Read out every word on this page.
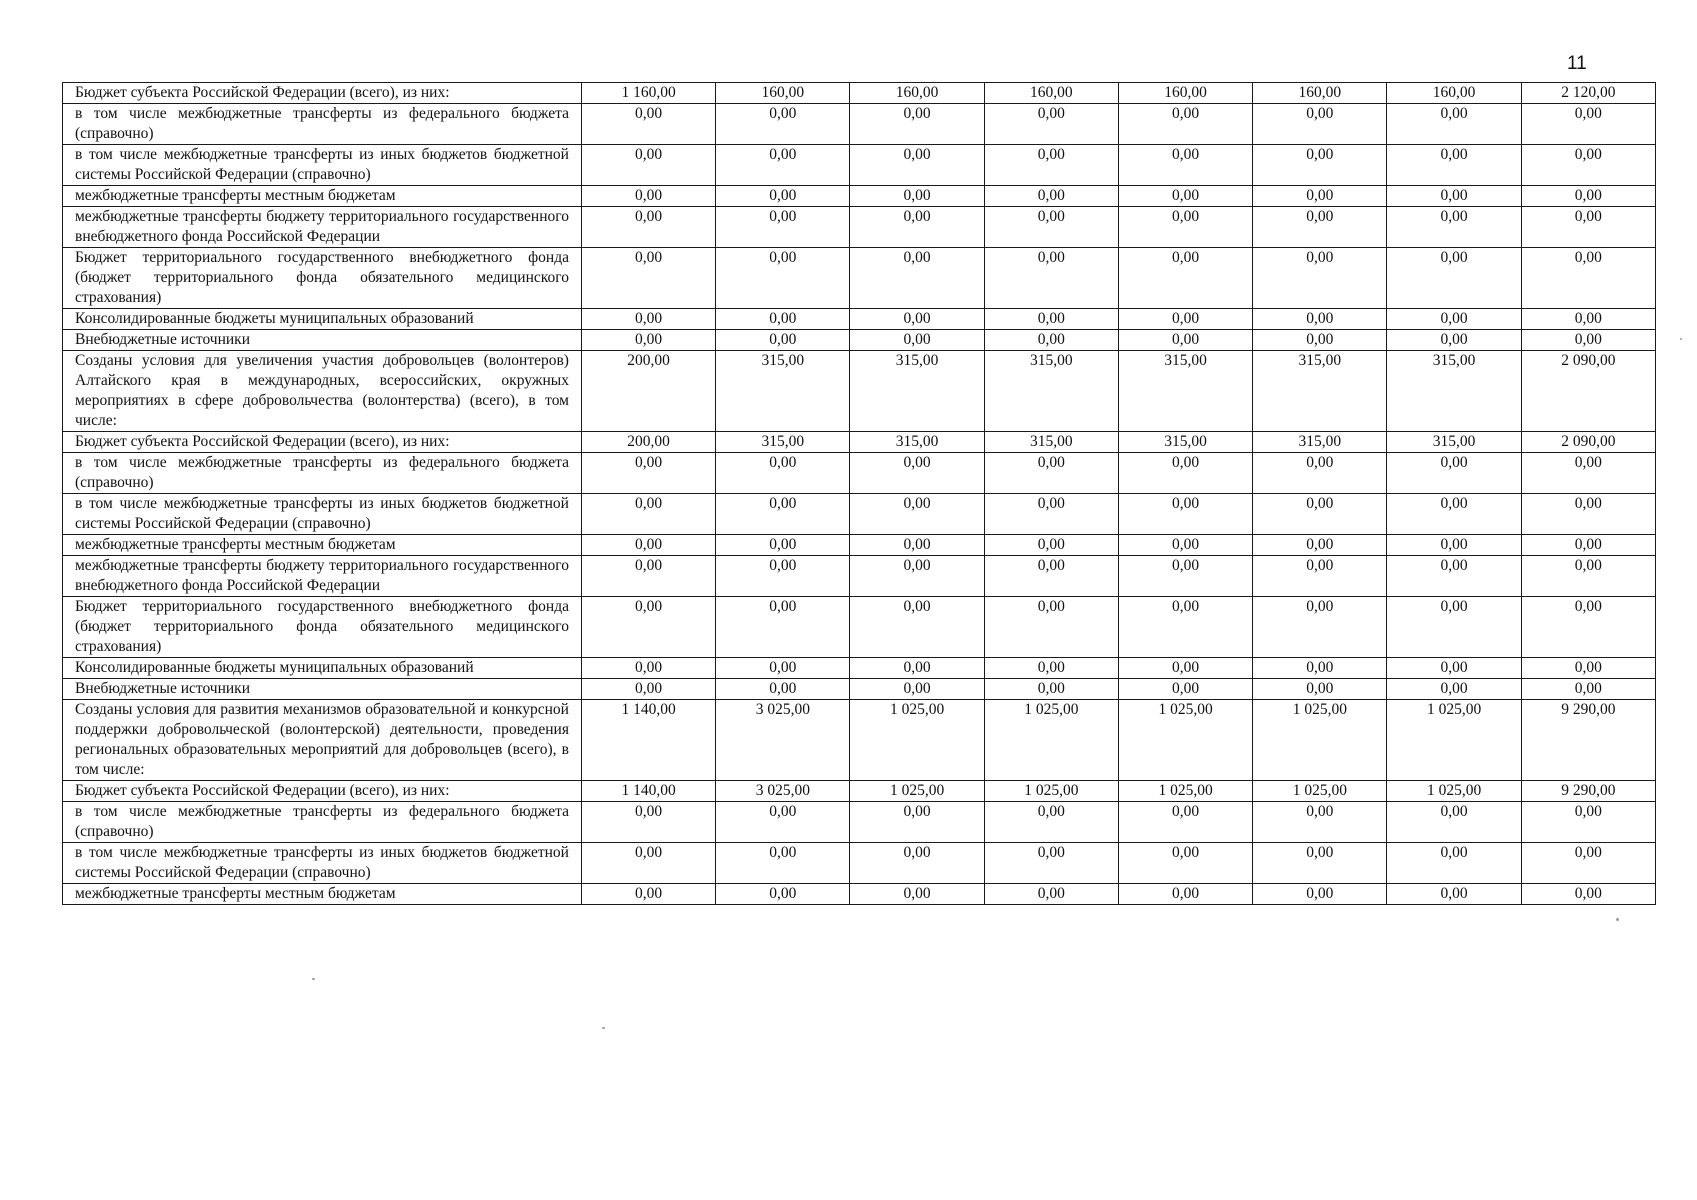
11
Бюджет субъекта Российской Федерации (всего), из них:	1 160,00	160,00	160,00	160,00	160,00	160,00	160,00	2 120,00
в том числе межбюджетные трансферты из федерального бюджета (справочно)	0,00	0,00	0,00	0,00	0,00	0,00	0,00	0,00
в том числе межбюджетные трансферты из иных бюджетов бюджетной системы Российской Федерации (справочно)	0,00	0,00	0,00	0,00	0,00	0,00	0,00	0,00
межбюджетные трансферты местным бюджетам	0,00	0,00	0,00	0,00	0,00	0,00	0,00	0,00
межбюджетные трансферты бюджету территориального государственного внебюджетного фонда Российской Федерации	0,00	0,00	0,00	0,00	0,00	0,00	0,00	0,00
Бюджет территориального государственного внебюджетного фонда (бюджет территориального фонда обязательного медицинского страхования)	0,00	0,00	0,00	0,00	0,00	0,00	0,00	0,00
Консолидированные бюджеты муниципальных образований	0,00	0,00	0,00	0,00	0,00	0,00	0,00	0,00
Внебюджетные источники	0,00	0,00	0,00	0,00	0,00	0,00	0,00	0,00
Созданы условия для увеличения участия добровольцев (волонтеров) Алтайского края в международных, всероссийских, окружных мероприятиях в сфере добровольчества (волонтерства) (всего), в том числе:	200,00	315,00	315,00	315,00	315,00	315,00	315,00	2 090,00
Бюджет субъекта Российской Федерации (всего), из них:	200,00	315,00	315,00	315,00	315,00	315,00	315,00	2 090,00
в том числе межбюджетные трансферты из федерального бюджета (справочно)	0,00	0,00	0,00	0,00	0,00	0,00	0,00	0,00
в том числе межбюджетные трансферты из иных бюджетов бюджетной системы Российской Федерации (справочно)	0,00	0,00	0,00	0,00	0,00	0,00	0,00	0,00
межбюджетные трансферты местным бюджетам	0,00	0,00	0,00	0,00	0,00	0,00	0,00	0,00
межбюджетные трансферты бюджету территориального государственного внебюджетного фонда Российской Федерации	0,00	0,00	0,00	0,00	0,00	0,00	0,00	0,00
Бюджет территориального государственного внебюджетного фонда (бюджет территориального фонда обязательного медицинского страхования)	0,00	0,00	0,00	0,00	0,00	0,00	0,00	0,00
Консолидированные бюджеты муниципальных образований	0,00	0,00	0,00	0,00	0,00	0,00	0,00	0,00
Внебюджетные источники	0,00	0,00	0,00	0,00	0,00	0,00	0,00	0,00
Созданы условия для развития механизмов образовательной и конкурсной поддержки добровольческой (волонтерской) деятельности, проведения региональных образовательных мероприятий для добровольцев (всего), в том числе:	1 140,00	3 025,00	1 025,00	1 025,00	1 025,00	1 025,00	1 025,00	9 290,00
Бюджет субъекта Российской Федерации (всего), из них:	1 140,00	3 025,00	1 025,00	1 025,00	1 025,00	1 025,00	1 025,00	9 290,00
в том числе межбюджетные трансферты из федерального бюджета (справочно)	0,00	0,00	0,00	0,00	0,00	0,00	0,00	0,00
в том числе межбюджетные трансферты из иных бюджетов бюджетной системы Российской Федерации (справочно)	0,00	0,00	0,00	0,00	0,00	0,00	0,00	0,00
межбюджетные трансферты местным бюджетам	0,00	0,00	0,00	0,00	0,00	0,00	0,00	0,00
